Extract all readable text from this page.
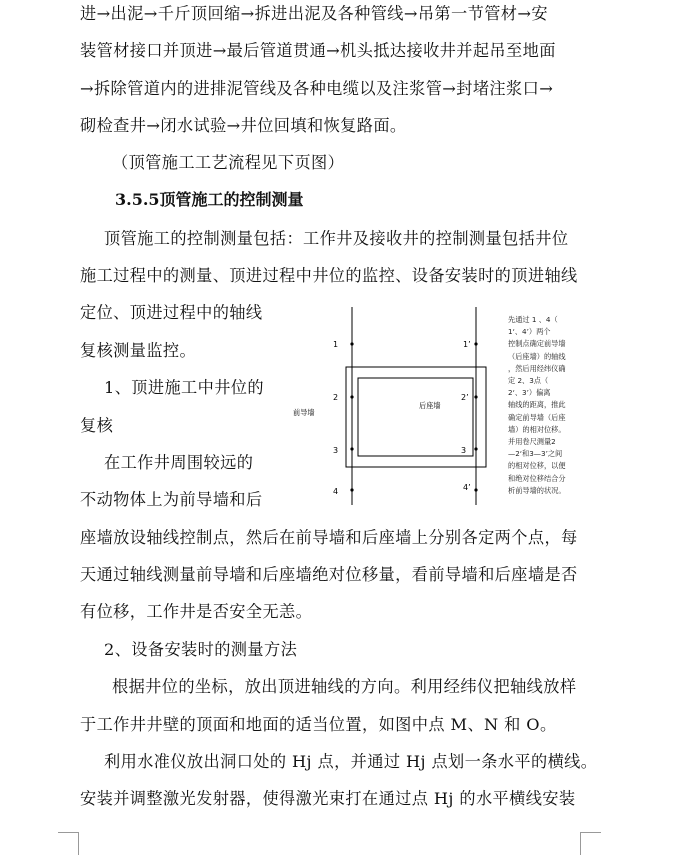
进→出泥→千斤顶回缩→拆进出泥及各种管线→吊第一节管材→安
装管材接口并顶进→最后管道贯通→机头抵达接收井并起吊至地面
→拆除管道内的进排泥管线及各种电缆以及注浆管→封堵注浆口→
砌检查井→闭水试验→井位回填和恢复路面。
（顶管施工工艺流程见下页图）
3.5.5顶管施工的控制测量
顶管施工的控制测量包括：工作井及接收井的控制测量包括井位
施工过程中的测量、顶进过程中井位的监控、设备安装时的顶进轴线
定位、顶进过程中的轴线
复核测量监控。
1、顶进施工中井位的
复核
在工作井周围较远的
不动物体上为前导墙和后
座墙放设轴线控制点，然后在前导墙和后座墙上分别各定两个点，每
天通过轴线测量前导墙和后座墙绝对位移量，看前导墙和后座墙是否
有位移，工作井是否安全无恙。
2、设备安装时的测量方法
根据井位的坐标，放出顶进轴线的方向。利用经纬仪把轴线放样
于工作井井壁的顶面和地面的适当位置，如图中点 M、N 和 O。
利用水准仪放出洞口处的 Hj 点，并通过 Hj 点划一条水平的横线。
安装并调整激光发射器，使得激光束打在通过点 Hj 的水平横线安装
1
2
3
4
1’
2’
3
4’
前导墙
后座墙
先通过 1 、4（
1‘、4’）两个
控制点确定前导墙
（后座墙）的轴线
，然后用经纬仪确
定 2、3点（
2‘、3’）偏离
轴线的距离，推此
确定前导墙（后座
墙）的相对位移。
并用卷尺测量2
—2‘和3—3’之间
的相对位移，以便
和绝对位移结合分
析前导墙的状况。
